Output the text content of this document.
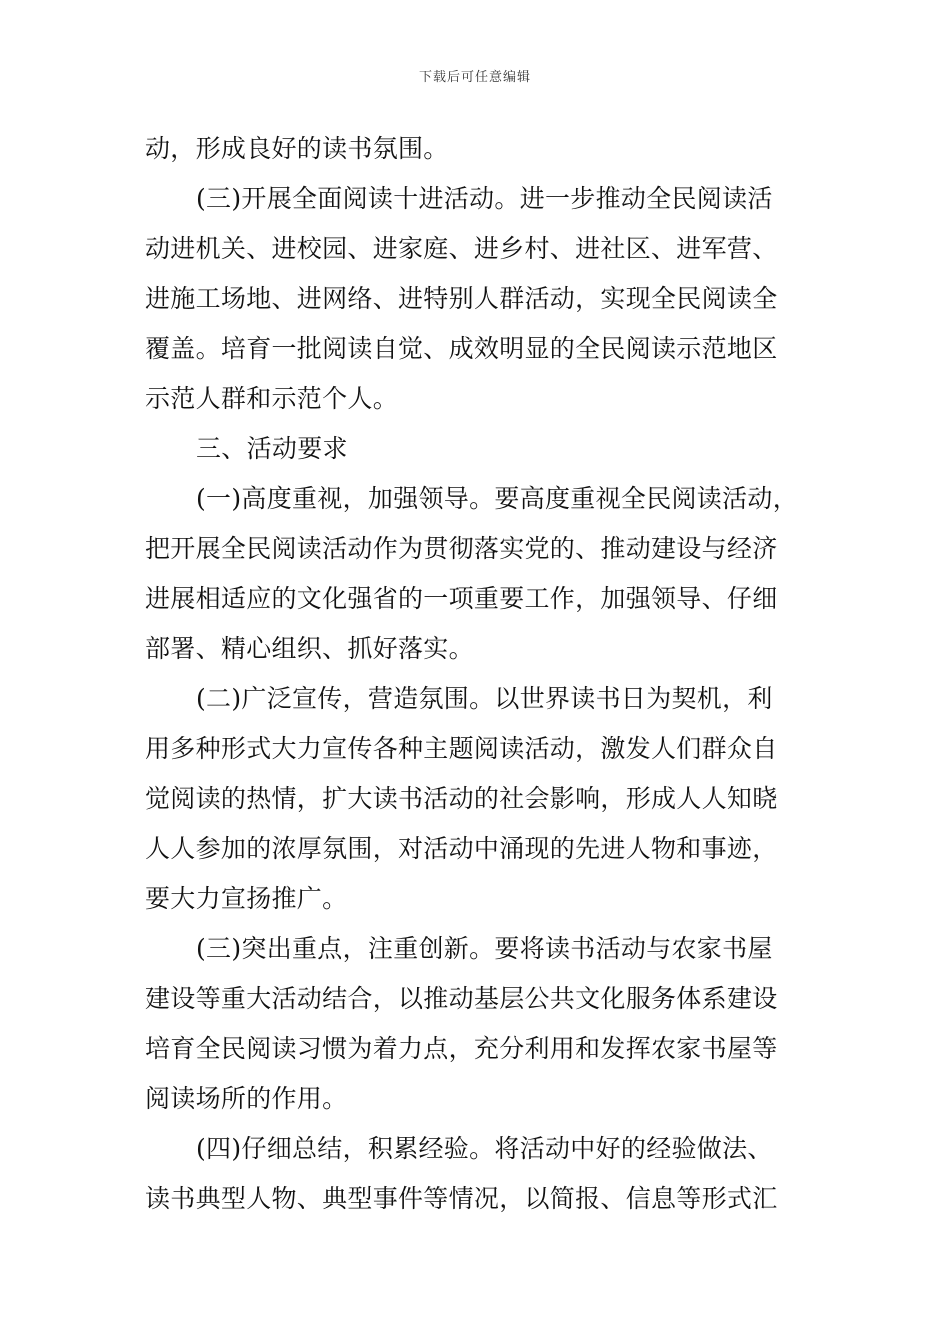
下载后可任意编辑
动，形成良好的读书氛围。
(三)开展全面阅读十进活动。进一步推动全民阅读活
动进机关、进校园、进家庭、进乡村、进社区、进军营、
进施工场地、进网络、进特别人群活动，实现全民阅读全
覆盖。培育一批阅读自觉、成效明显的全民阅读示范地区
示范人群和示范个人。
三、活动要求
(一)高度重视，加强领导。要高度重视全民阅读活动，
把开展全民阅读活动作为贯彻落实党的、推动建设与经济
进展相适应的文化强省的一项重要工作，加强领导、仔细
部署、精心组织、抓好落实。
(二)广泛宣传，营造氛围。以世界读书日为契机，利
用多种形式大力宣传各种主题阅读活动，激发人们群众自
觉阅读的热情，扩大读书活动的社会影响，形成人人知晓
人人参加的浓厚氛围，对活动中涌现的先进人物和事迹，
要大力宣扬推广。
(三)突出重点，注重创新。要将读书活动与农家书屋
建设等重大活动结合，以推动基层公共文化服务体系建设
培育全民阅读习惯为着力点，充分利用和发挥农家书屋等
阅读场所的作用。
(四)仔细总结，积累经验。将活动中好的经验做法、
读书典型人物、典型事件等情况，以简报、信息等形式汇
